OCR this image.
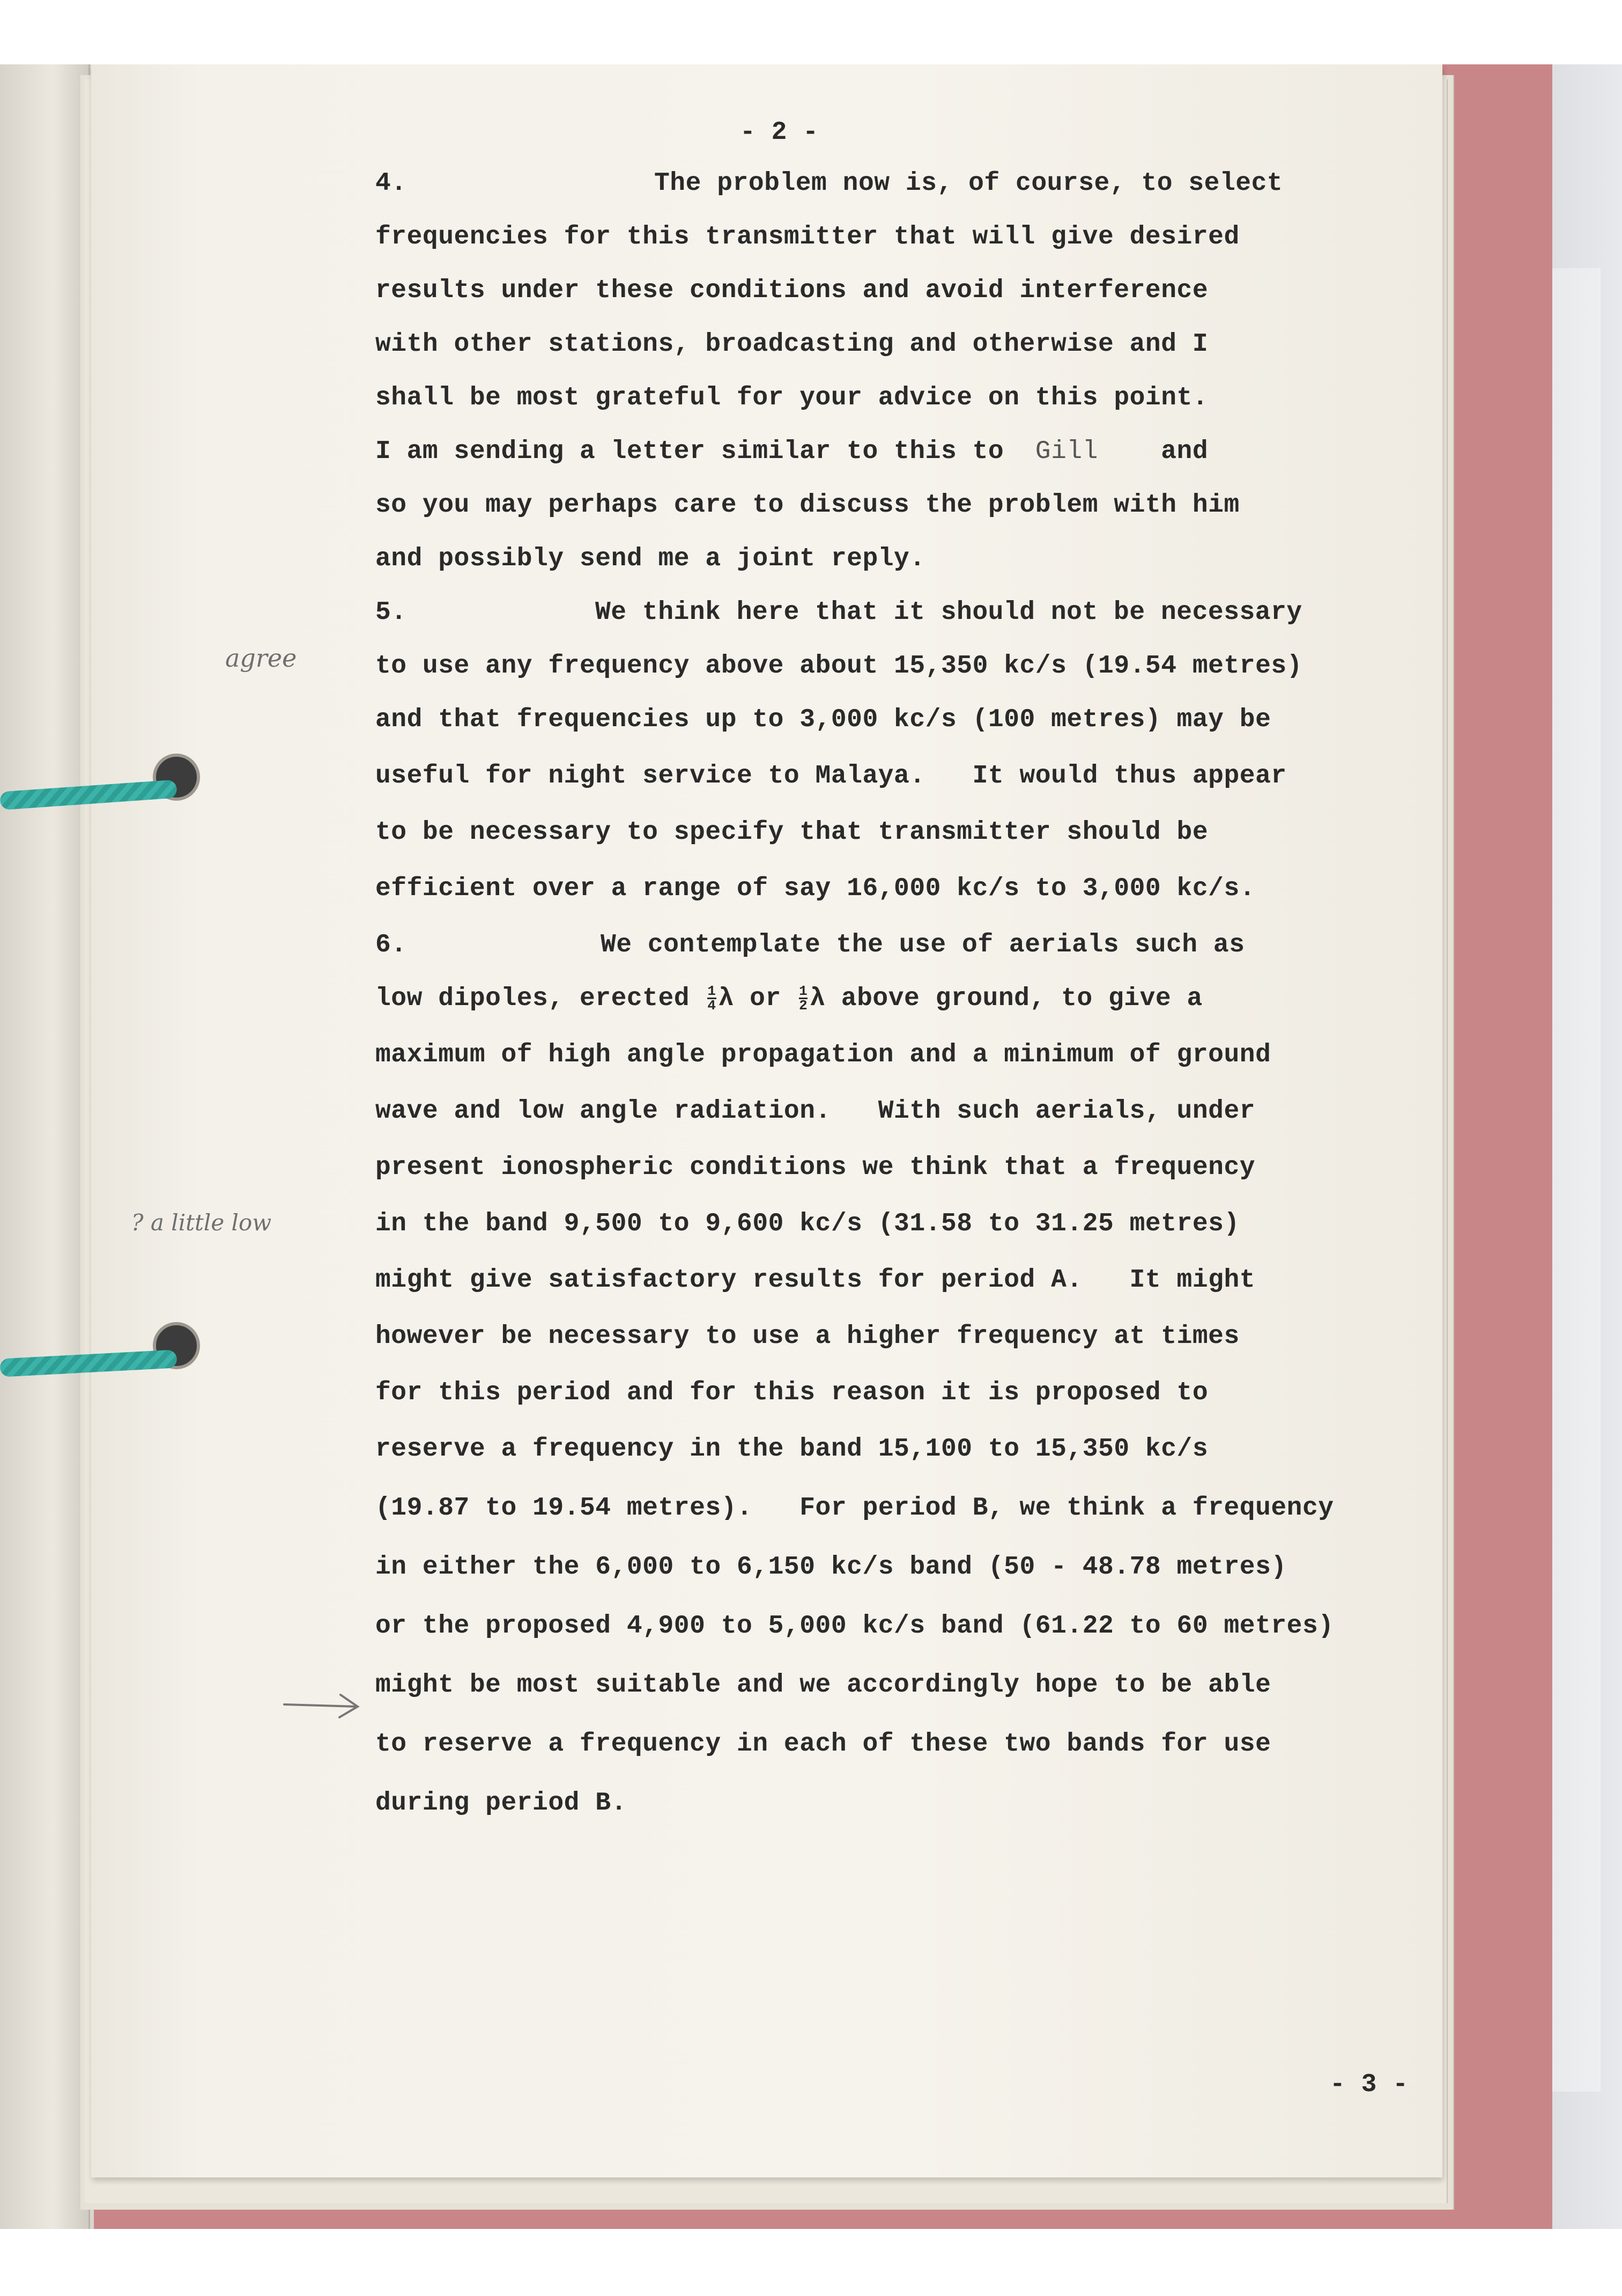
- 2 -
4.	The problem now is, of course, to select
frequencies for this transmitter that will give desired
results under these conditions and avoid interference
with other stations, broadcasting and otherwise and I
shall be most grateful for your advice on this point.
I am sending a letter similar to this to Gill and
so you may perhaps care to discuss the problem with him
and possibly send me a joint reply.
5.	We think here that it should not be necessary
to use any frequency above about 15,350 kc/s (19.54 metres)
and that frequencies up to 3,000 kc/s (100 metres) may be
useful for night service to Malaya.   It would thus appear
to be necessary to specify that transmitter should be
efficient over a range of say 16,000 kc/s to 3,000 kc/s.
6.	We contemplate the use of aerials such as
low dipoles, erected $\frac{1}{4}$ λ or $\frac{1}{2}$ λ above ground, to give a
maximum of high angle propagation and a minimum of ground
wave and low angle radiation.   With such aerials, under
present ionospheric conditions we think that a frequency
in the band 9,500 to 9,600 kc/s (31.58 to 31.25 metres)
might give satisfactory results for period A.   It might
however be necessary to use a higher frequency at times
for this period and for this reason it is proposed to
reserve a frequency in the band 15,100 to 15,350 kc/s
(19.87 to 19.54 metres).   For period B, we think a frequency
in either the 6,000 to 6,150 kc/s band (50 - 48.78 metres)
or the proposed 4,900 to 5,000 kc/s band (61.22 to 60 metres)
might be most suitable and we accordingly hope to be able
to reserve a frequency in each of these two bands for use
during period B.
- 3 -
agree
? a little low
